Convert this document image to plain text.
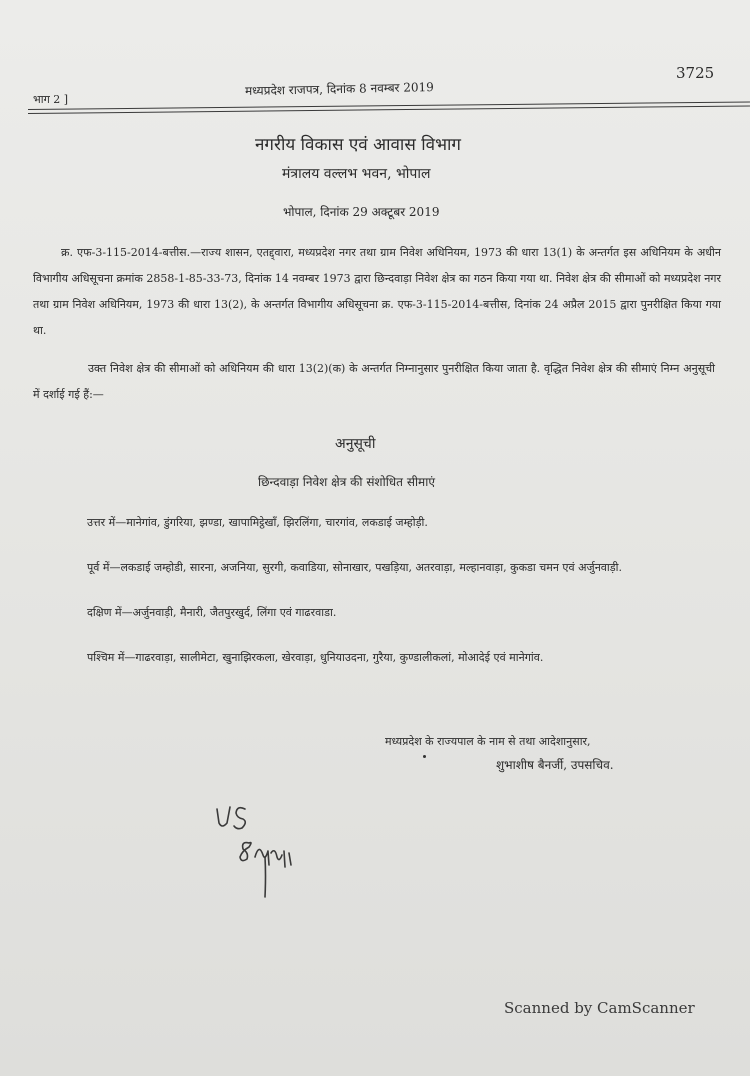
भाग 2 ]
मध्यप्रदेश राजपत्र, दिनांक 8 नवम्बर 2019
3725
नगरीय विकास एवं आवास विभाग
मंत्रालय वल्लभ भवन, भोपाल
भोपाल, दिनांक 29 अक्टूबर 2019
क्र. एफ-3-115-2014-बत्तीस.—राज्य शासन, एतद्द्वारा, मध्यप्रदेश नगर तथा ग्राम निवेश अधिनियम, 1973 की धारा 13(1) के अन्तर्गत इस अधिनियम के अधीन विभागीय अधिसूचना क्रमांक 2858-1-85-33-73, दिनांक 14 नवम्बर 1973 द्वारा छिन्दवाड़ा निवेश क्षेत्र का गठन किया गया था. निवेश क्षेत्र की सीमाओं को मध्यप्रदेश नगर तथा ग्राम निवेश अधिनियम, 1973 की धारा 13(2), के अन्तर्गत विभागीय अधिसूचना क्र. एफ-3-115-2014-बत्तीस, दिनांक 24 अप्रैल 2015 द्वारा पुनरीक्षित किया गया था.
उक्त निवेश क्षेत्र की सीमाओं को अधिनियम की धारा 13(2)(क) के अन्तर्गत निम्नानुसार पुनरीक्षित किया जाता है. वृद्धित निवेश क्षेत्र की सीमाएं निम्न अनुसूची में दर्शाई गई हैं:—
अनुसूची
छिन्दवाड़ा निवेश क्षेत्र की संशोधित सीमाएं
उत्तर में—मानेगांव, डुंगरिया, झण्डा, खापामिट्ठेखाँ, झिरलिंगा, चारगांव, लकडाई जम्होड़ी.
पूर्व में—लकडाई जम्होडी, सारना, अजनिया, सुरगी, कवाडिया, सोनाखार, पखड़िया, अतरवाड़ा, मल्हानवाड़ा, कुकडा चमन एवं अर्जुनवाड़ी.
दक्षिण में—अर्जुनवाड़ी, मैनारी, जैतपुरखुर्द, लिंगा एवं गाढरवाडा.
पश्चिम में—गाढरवाड़ा, सालीमेटा, खुनाझिरकला, खेरवाड़ा, धुनियाउदना, गुरैया, कुण्डालीकलां, मोआदेई एवं मानेगांव.
मध्यप्रदेश के राज्यपाल के नाम से तथा आदेशानुसार,
शुभाशीष बैनर्जी, उपसचिव.
Scanned by CamScanner
